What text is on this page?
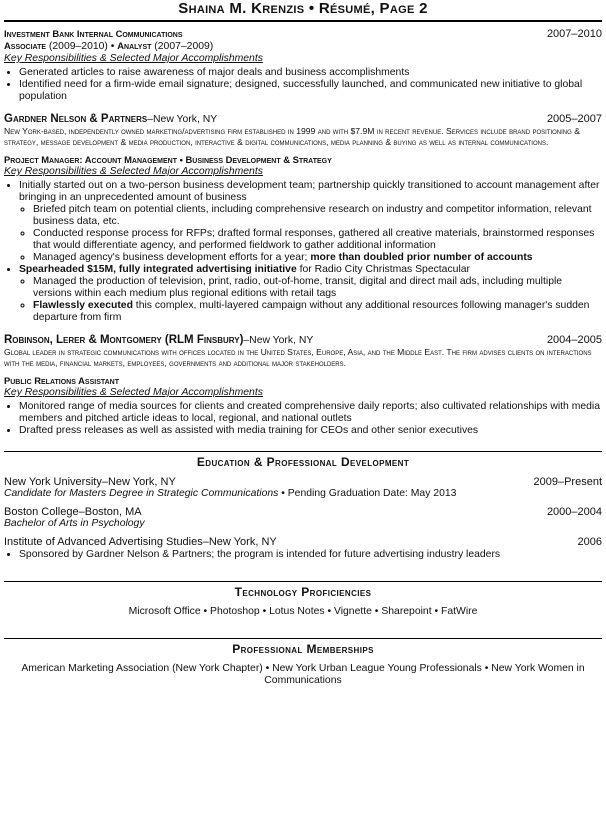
Shaina M. Krenzis • Résumé, Page 2
Investment Bank Internal Communications	2007–2010
Associate (2009–2010) • Analyst (2007–2009)
Key Responsibilities & Selected Major Accomplishments
• Generated articles to raise awareness of major deals and business accomplishments
• Identified need for a firm-wide email signature; designed, successfully launched, and communicated new initiative to global population
Gardner Nelson & Partners–New York, NY	2005–2007
New York-based, independently owned marketing/advertising firm established in 1999 and with $7.9M in recent revenue. Services include brand positioning & strategy, message development & media production, interactive & digital communications, media planning & buying as well as internal communications.
Project Manager: Account Management • Business Development & Strategy
Key Responsibilities & Selected Major Accomplishments
• Initially started out on a two-person business development team; partnership quickly transitioned to account management after bringing in an unprecedented amount of business
◦ Briefed pitch team on potential clients, including comprehensive research on industry and competitor information, relevant business data, etc.
◦ Conducted response process for RFPs; drafted formal responses, gathered all creative materials, brainstormed responses that would differentiate agency, and performed fieldwork to gather additional information
◦ Managed agency's business development efforts for a year; more than doubled prior number of accounts
• Spearheaded $15M, fully integrated advertising initiative for Radio City Christmas Spectacular
◦ Managed the production of television, print, radio, out-of-home, transit, digital and direct mail ads, including multiple versions within each medium plus regional editions with retail tags
◦ Flawlessly executed this complex, multi-layered campaign without any additional resources following manager's sudden departure from firm
Robinson, Lerer & Montgomery (RLM Finsbury)–New York, NY	2004–2005
Global leader in strategic communications with offices located in the United States, Europe, Asia, and the Middle East. The firm advises clients on interactions with the media, financial markets, employees, governments and additional major stakeholders.
Public Relations Assistant
Key Responsibilities & Selected Major Accomplishments
• Monitored range of media sources for clients and created comprehensive daily reports; also cultivated relationships with media members and pitched article ideas to local, regional, and national outlets
• Drafted press releases as well as assisted with media training for CEOs and other senior executives
Education & Professional Development
New York University–New York, NY	2009–Present
Candidate for Masters Degree in Strategic Communications • Pending Graduation Date: May 2013
Boston College–Boston, MA	2000–2004
Bachelor of Arts in Psychology
Institute of Advanced Advertising Studies–New York, NY	2006
• Sponsored by Gardner Nelson & Partners; the program is intended for future advertising industry leaders
Technology Proficiencies
Microsoft Office • Photoshop • Lotus Notes • Vignette • Sharepoint • FatWire
Professional Memberships
American Marketing Association (New York Chapter) • New York Urban League Young Professionals • New York Women in Communications
